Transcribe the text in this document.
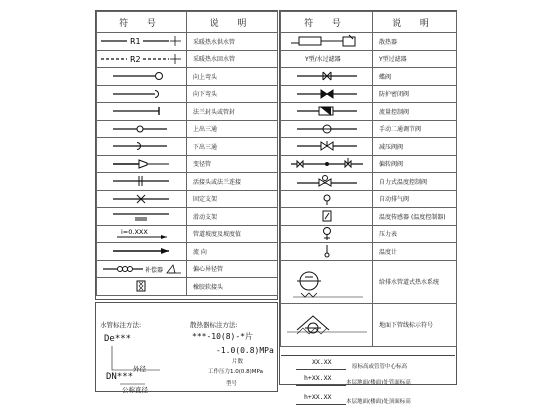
符 号	说 明

R1	采暖热水供水管

R2	采暖热水回水管

	向上弯头

	向下弯头

	法兰封头或管封

	上出三通

	下出三通

	变径管

	活接头或法兰连接

	固定支架

	滑动支架

i=0.XXX	管道坡度及坡度值

	流 向

补偿器	偏心异径管

	橡胶软接头
符 号	说 明

	散热器

Y型/水过滤器	Y型过滤器

	蝶阀

	防护密闭阀

	流量控制阀

	手动二通调节阀

	减压阀阀

	偏转阀阀

	自力式温度控制阀

	自动排气阀

	温度传感器 (温度控制器)

	压力表

	温度计

	给排水管道式热水系统

	地面下管线标示符号
水管标注方法:
De***
外径
DN***
公称直径
散热器标注方法:
***-10(8)-*片
-1.0(0.8)MPa
片数
工作压力1.0(0.8)MPa
型号
XX.XX
原标高或管管中心标高
h+XX.XX
本层地面(楼面)处管面标高
h+XX.XX
本层地面(楼面)处顶面标高
